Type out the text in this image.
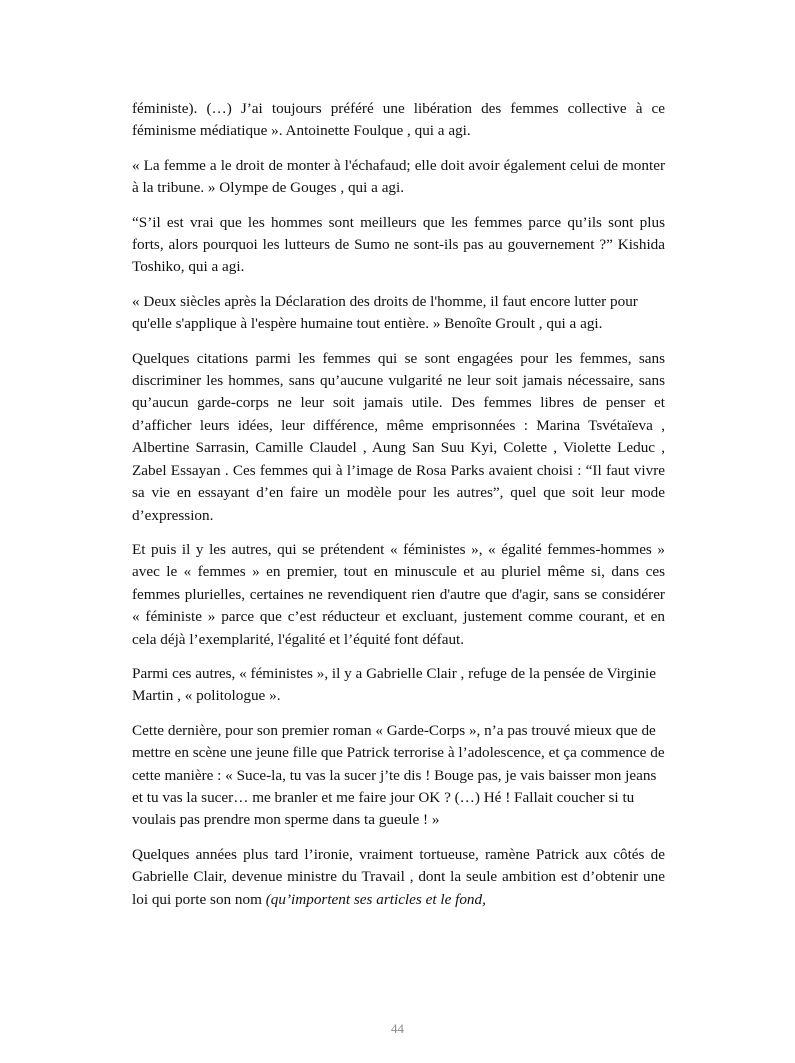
féministe). (…) J’ai toujours préféré une libération des femmes collective à ce féminisme médiatique ». Antoinette Foulque , qui a agi.

« La femme a le droit de monter à l'échafaud; elle doit avoir également celui de monter à la tribune. » Olympe de Gouges , qui a agi.

“S’il est vrai que les hommes sont meilleurs que les femmes parce qu’ils sont plus forts, alors pourquoi les lutteurs de Sumo ne sont-ils pas au gouvernement ?” Kishida Toshiko, qui a agi.

« Deux siècles après la Déclaration des droits de l'homme, il faut encore lutter pour qu'elle s'applique à l'espère humaine tout entière. » Benoîte Groult , qui a agi.

Quelques citations parmi les femmes qui se sont engagées pour les femmes, sans discriminer les hommes, sans qu’aucune vulgarité ne leur soit jamais nécessaire, sans qu’aucun garde-corps ne leur soit jamais utile. Des femmes libres de penser et d’afficher leurs idées, leur différence, même emprisonnées : Marina Tsvétaïeva , Albertine Sarrasin, Camille Claudel , Aung San Suu Kyi, Colette , Violette Leduc , Zabel Essayan . Ces femmes qui à l’image de Rosa Parks avaient choisi : “Il faut vivre sa vie en essayant d’en faire un modèle pour les autres”, quel que soit leur mode d’expression.

Et puis il y les autres, qui se prétendent « féministes », « égalité femmes-hommes » avec le « femmes » en premier, tout en minuscule et au pluriel même si, dans ces femmes plurielles, certaines ne revendiquent rien d'autre que d'agir, sans se considérer « féministe » parce que c’est réducteur et excluant, justement comme courant, et en cela déjà l’exemplarité, l'égalité et l’équité font défaut.

Parmi ces autres, « féministes », il y a Gabrielle Clair , refuge de la pensée de Virginie Martin , « politologue ».

Cette dernière, pour son premier roman « Garde-Corps », n’a pas trouvé mieux que de mettre en scène une jeune fille que Patrick terrorise à l’adolescence, et ça commence de cette manière : « Suce-la, tu vas la sucer j’te dis ! Bouge pas, je vais baisser mon jeans et tu vas la sucer… me branler et me faire jour OK ? (…) Hé ! Fallait coucher si tu voulais pas prendre mon sperme dans ta gueule ! »

Quelques années plus tard l’ironie, vraiment tortueuse, ramène Patrick aux côtés de Gabrielle Clair, devenue ministre du Travail , dont la seule ambition est d’obtenir une loi qui porte son nom (qu’importent ses articles et le fond,

44
